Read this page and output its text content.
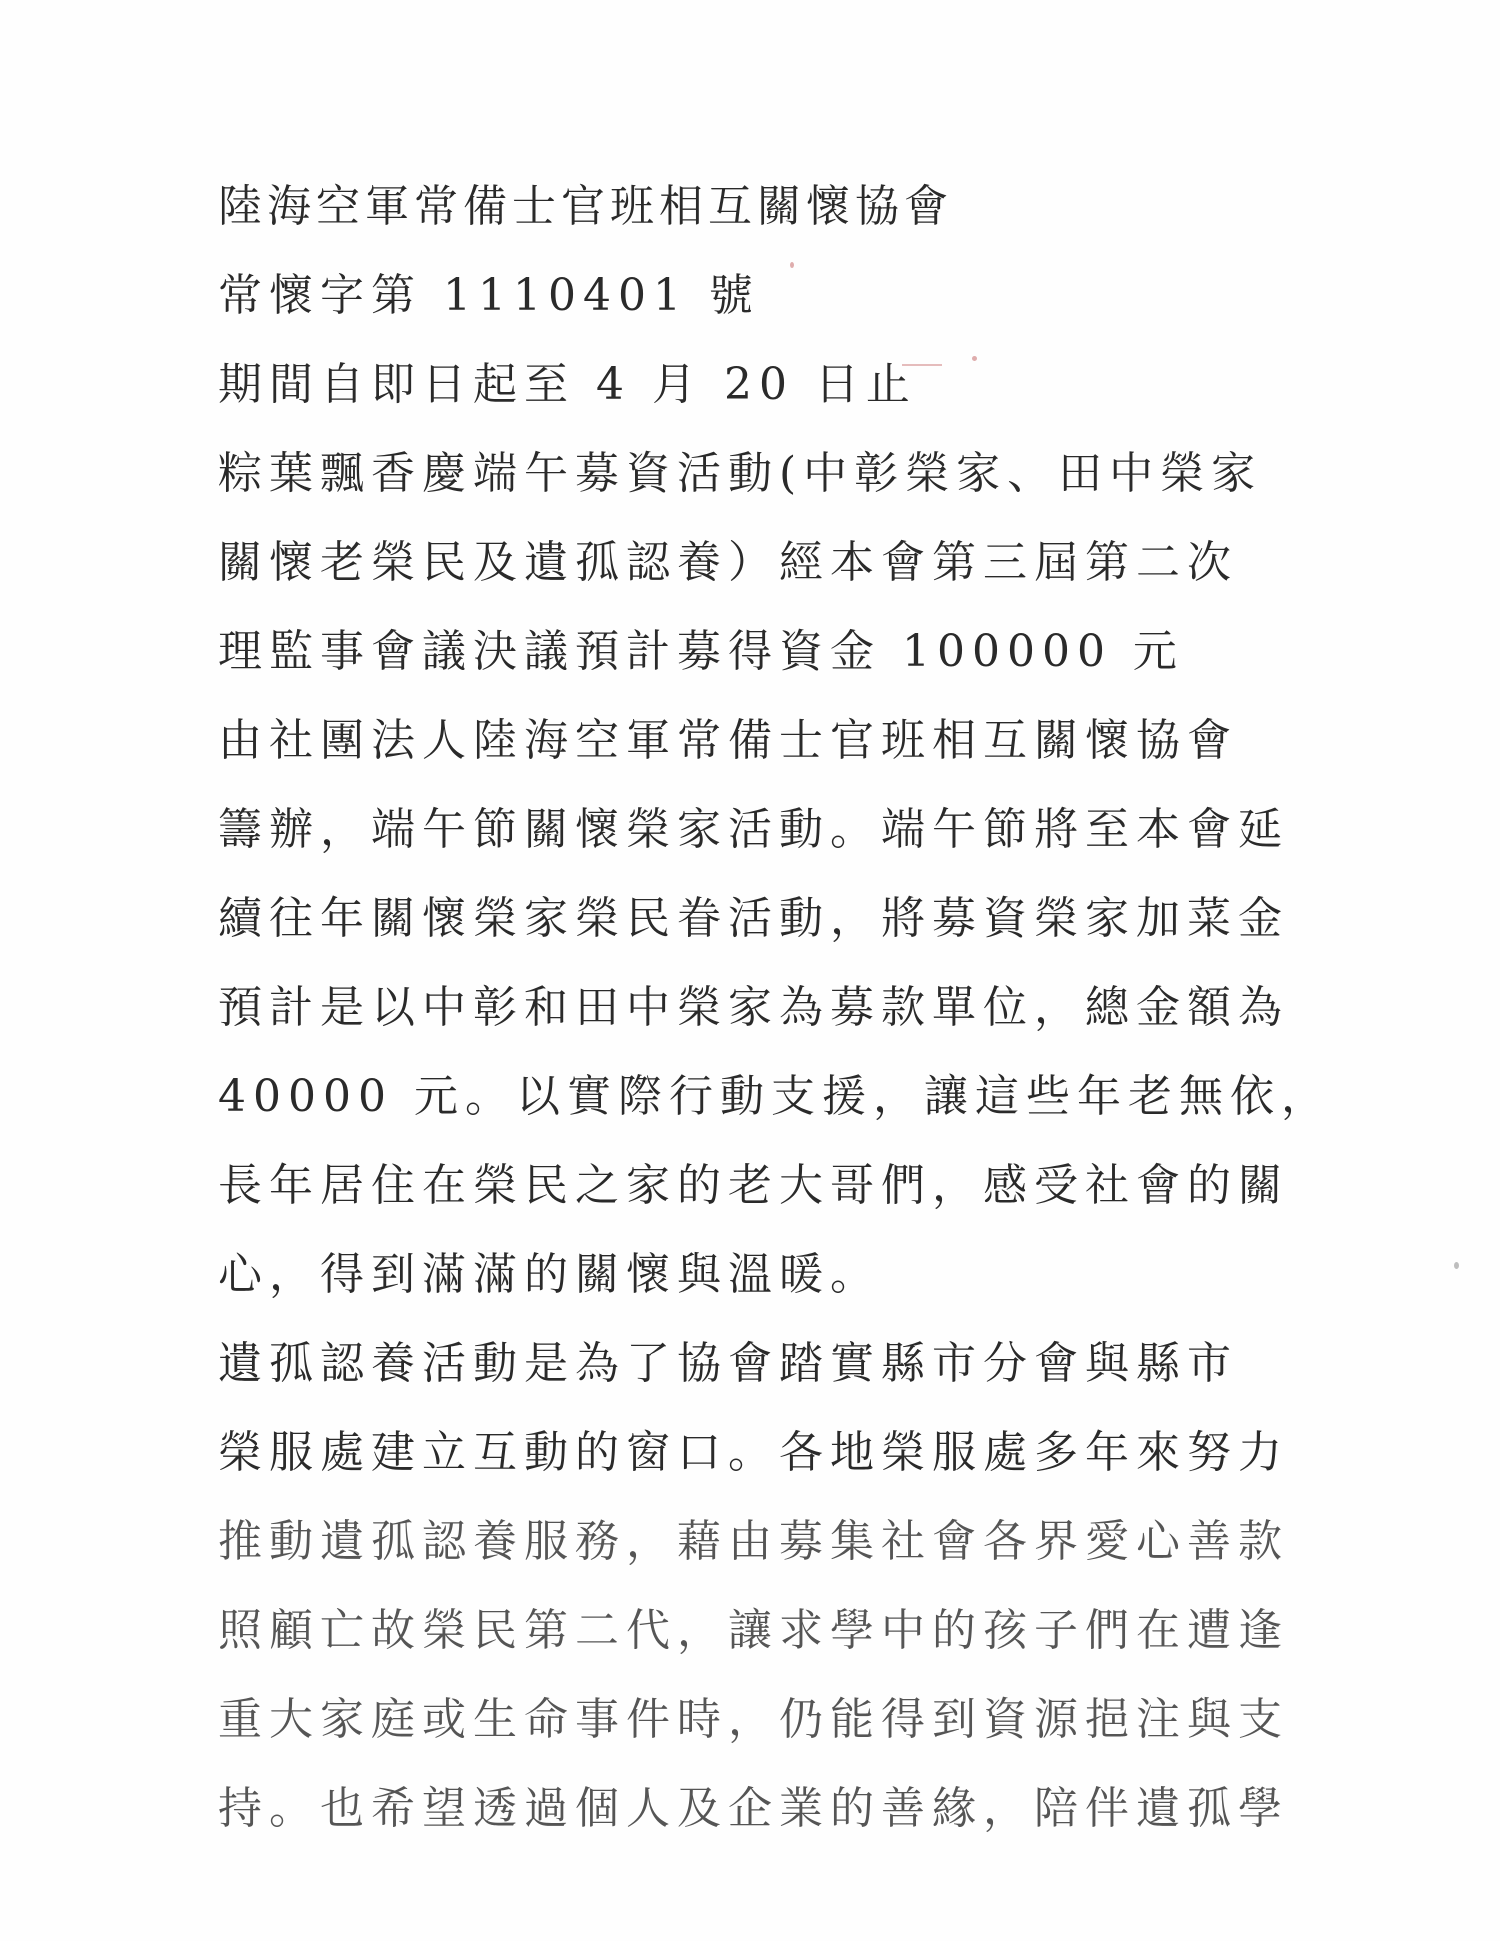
陸海空軍常備士官班相互關懷協會
常懷字第 1110401 號
期間自即日起至 4 月 20 日止
粽葉飄香慶端午募資活動(中彰榮家、田中榮家
關懷老榮民及遺孤認養）經本會第三屆第二次
理監事會議決議預計募得資金 100000 元
由社團法人陸海空軍常備士官班相互關懷協會
籌辦，端午節關懷榮家活動。端午節將至本會延
續往年關懷榮家榮民眷活動，將募資榮家加菜金
預計是以中彰和田中榮家為募款單位，總金額為
40000 元。以實際行動支援，讓這些年老無依，
長年居住在榮民之家的老大哥們，感受社會的關
心，得到滿滿的關懷與溫暖。
遺孤認養活動是為了協會踏實縣市分會與縣市
榮服處建立互動的窗口。各地榮服處多年來努力
推動遺孤認養服務，藉由募集社會各界愛心善款
照顧亡故榮民第二代，讓求學中的孩子們在遭逢
重大家庭或生命事件時，仍能得到資源挹注與支
持。也希望透過個人及企業的善緣，陪伴遺孤學
